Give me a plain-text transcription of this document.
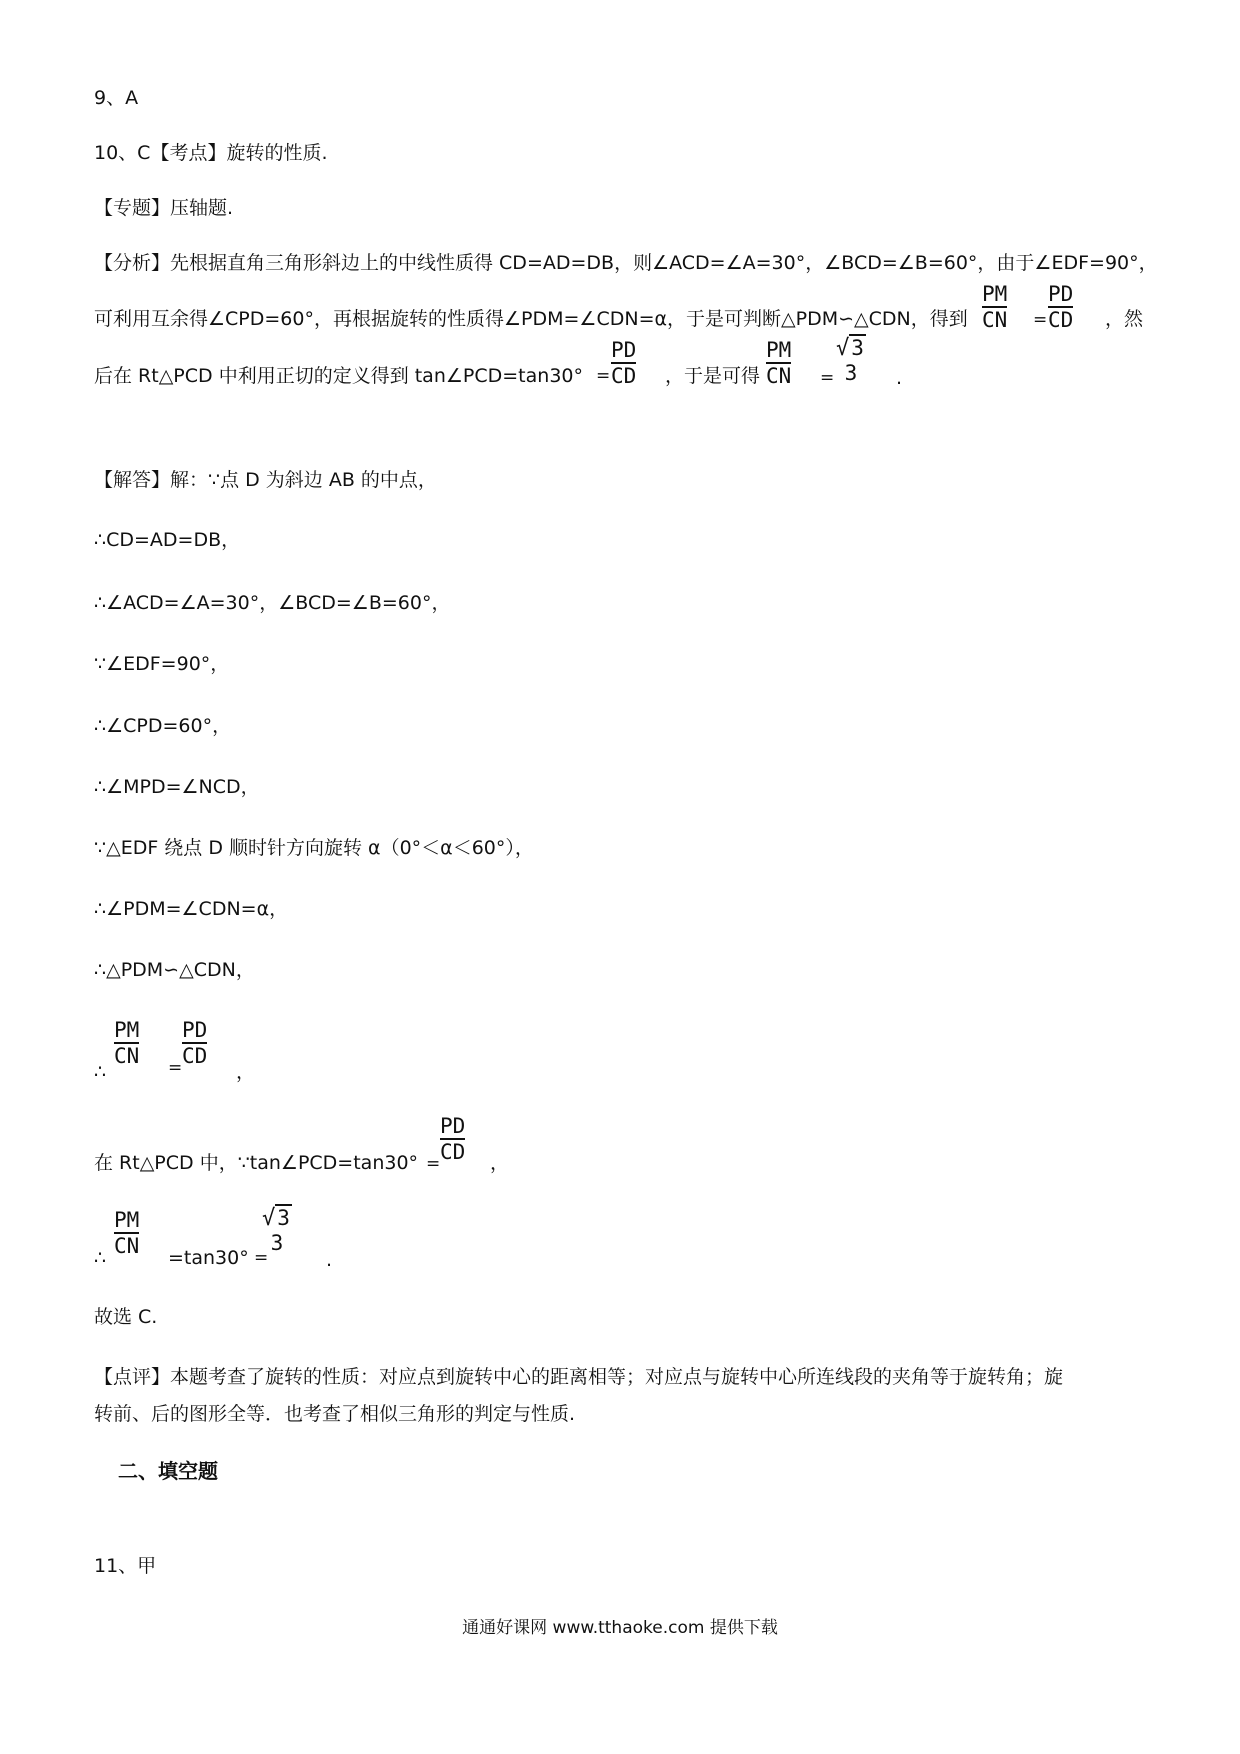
9、A
10、C【考点】旋转的性质.
【专题】压轴题.
【分析】先根据直角三角形斜边上的中线性质得 CD=AD=DB，则∠ACD=∠A=30°，∠BCD=∠B=60°，由于∠EDF=90°，
可利用互余得∠CPD=60°，再根据旋转的性质得∠PDM=∠CDN=α，于是可判断△PDM∽△CDN，得到 $\frac{PM}{CN} = \frac{PD}{CD}$ ，然
后在 Rt△PCD 中利用正切的定义得到 tan∠PCD=tan30° = $\frac{PD}{CD}$ ，于是可得 $\frac{PM}{CN}$ =
√3
3	.
【解答】解：∵点 D 为斜边 AB 的中点，
∴CD=AD=DB，
∴∠ACD=∠A=30°，∠BCD=∠B=60°，
∵∠EDF=90°，
∴∠CPD=60°，
∴∠MPD=∠NCD，
∵△EDF 绕点 D 顺时针方向旋转 α（0°＜α＜60°），
∴∠PDM=∠CDN=α，
∴△PDM∽△CDN，
∴
$\frac{PM}{CN} = \frac{PD}{CD}$
，
在 Rt△PCD 中，∵tan∠PCD=tan30° = $\frac{PD}{CD}$ ，
∴ $\frac{PM}{CN} =\tan 30^\circ$ =
√3
3
.
故选 C.
【点评】本题考查了旋转的性质：对应点到旋转中心的距离相等；对应点与旋转中心所连线段的夹角等于旋转角；旋
转前、后的图形全等．也考查了相似三角形的判定与性质.
二、填空题
11、甲
通通好课网 www.tthaoke.com 提供下载
